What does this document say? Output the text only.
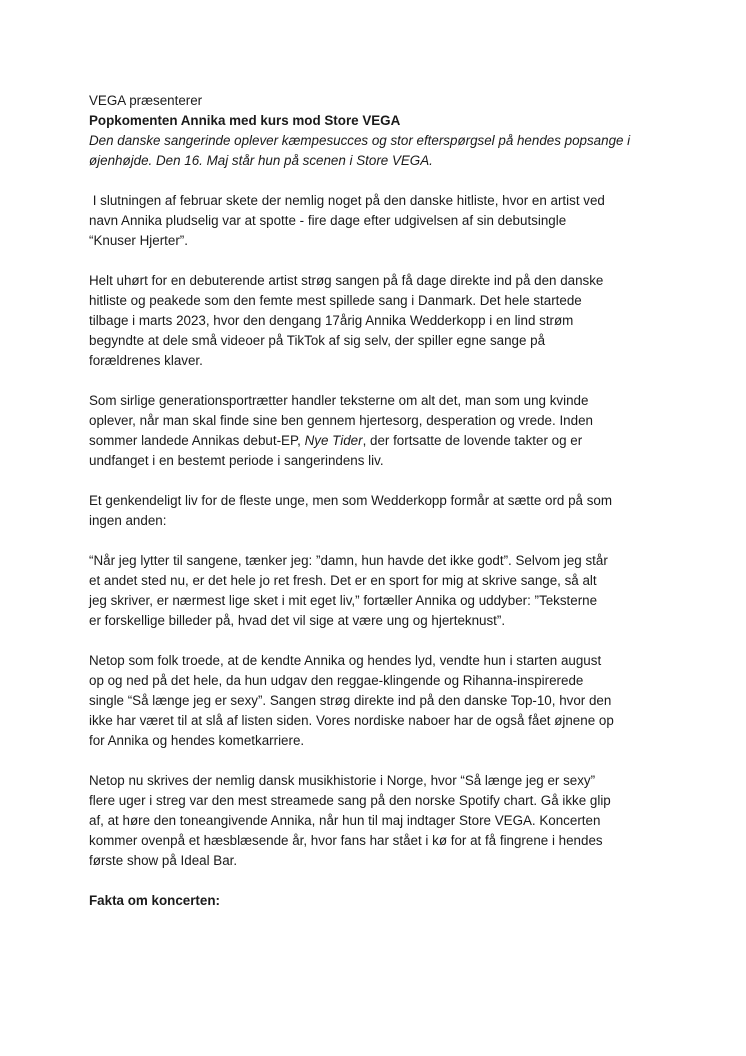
VEGA præsenterer

Popkomenten Annika med kurs mod Store VEGA

Den danske sangerinde oplever kæmpesucces og stor efterspørgsel på hendes popsange i
øjenhøjde. Den 16. Maj står hun på scenen i Store VEGA.

I slutningen af februar skete der nemlig noget på den danske hitliste, hvor en artist ved
navn Annika pludselig var at spotte - fire dage efter udgivelsen af sin debutsingle
“Knuser Hjerter”.

Helt uhørt for en debuterende artist strøg sangen på få dage direkte ind på den danske
hitliste og peakede som den femte mest spillede sang i Danmark. Det hele startede
tilbage i marts 2023, hvor den dengang 17årig Annika Wedderkopp i en lind strøm
begyndte at dele små videoer på TikTok af sig selv, der spiller egne sange på
forældrenes klaver.

Som sirlige generationsportrætter handler teksterne om alt det, man som ung kvinde
oplever, når man skal finde sine ben gennem hjertesorg, desperation og vrede. Inden
sommer landede Annikas debut-EP, Nye Tider, der fortsatte de lovende takter og er
undfanget i en bestemt periode i sangerindens liv.

Et genkendeligt liv for de fleste unge, men som Wedderkopp formår at sætte ord på som
ingen anden:

“Når jeg lytter til sangene, tænker jeg: ”damn, hun havde det ikke godt”. Selvom jeg står
et andet sted nu, er det hele jo ret fresh. Det er en sport for mig at skrive sange, så alt
jeg skriver, er nærmest lige sket i mit eget liv,” fortæller Annika og uddyber: ”Teksterne
er forskellige billeder på, hvad det vil sige at være ung og hjerteknust”.

Netop som folk troede, at de kendte Annika og hendes lyd, vendte hun i starten august
op og ned på det hele, da hun udgav den reggae-klingende og Rihanna-inspirerede
single “Så længe jeg er sexy”. Sangen strøg direkte ind på den danske Top-10, hvor den
ikke har været til at slå af listen siden. Vores nordiske naboer har de også fået øjnene op
for Annika og hendes kometkarriere.

Netop nu skrives der nemlig dansk musikhistorie i Norge, hvor “Så længe jeg er sexy”
flere uger i streg var den mest streamede sang på den norske Spotify chart. Gå ikke glip
af, at høre den toneangivende Annika, når hun til maj indtager Store VEGA. Koncerten
kommer ovenpå et hæsblæsende år, hvor fans har stået i kø for at få fingrene i hendes
første show på Ideal Bar.

Fakta om koncerten:
